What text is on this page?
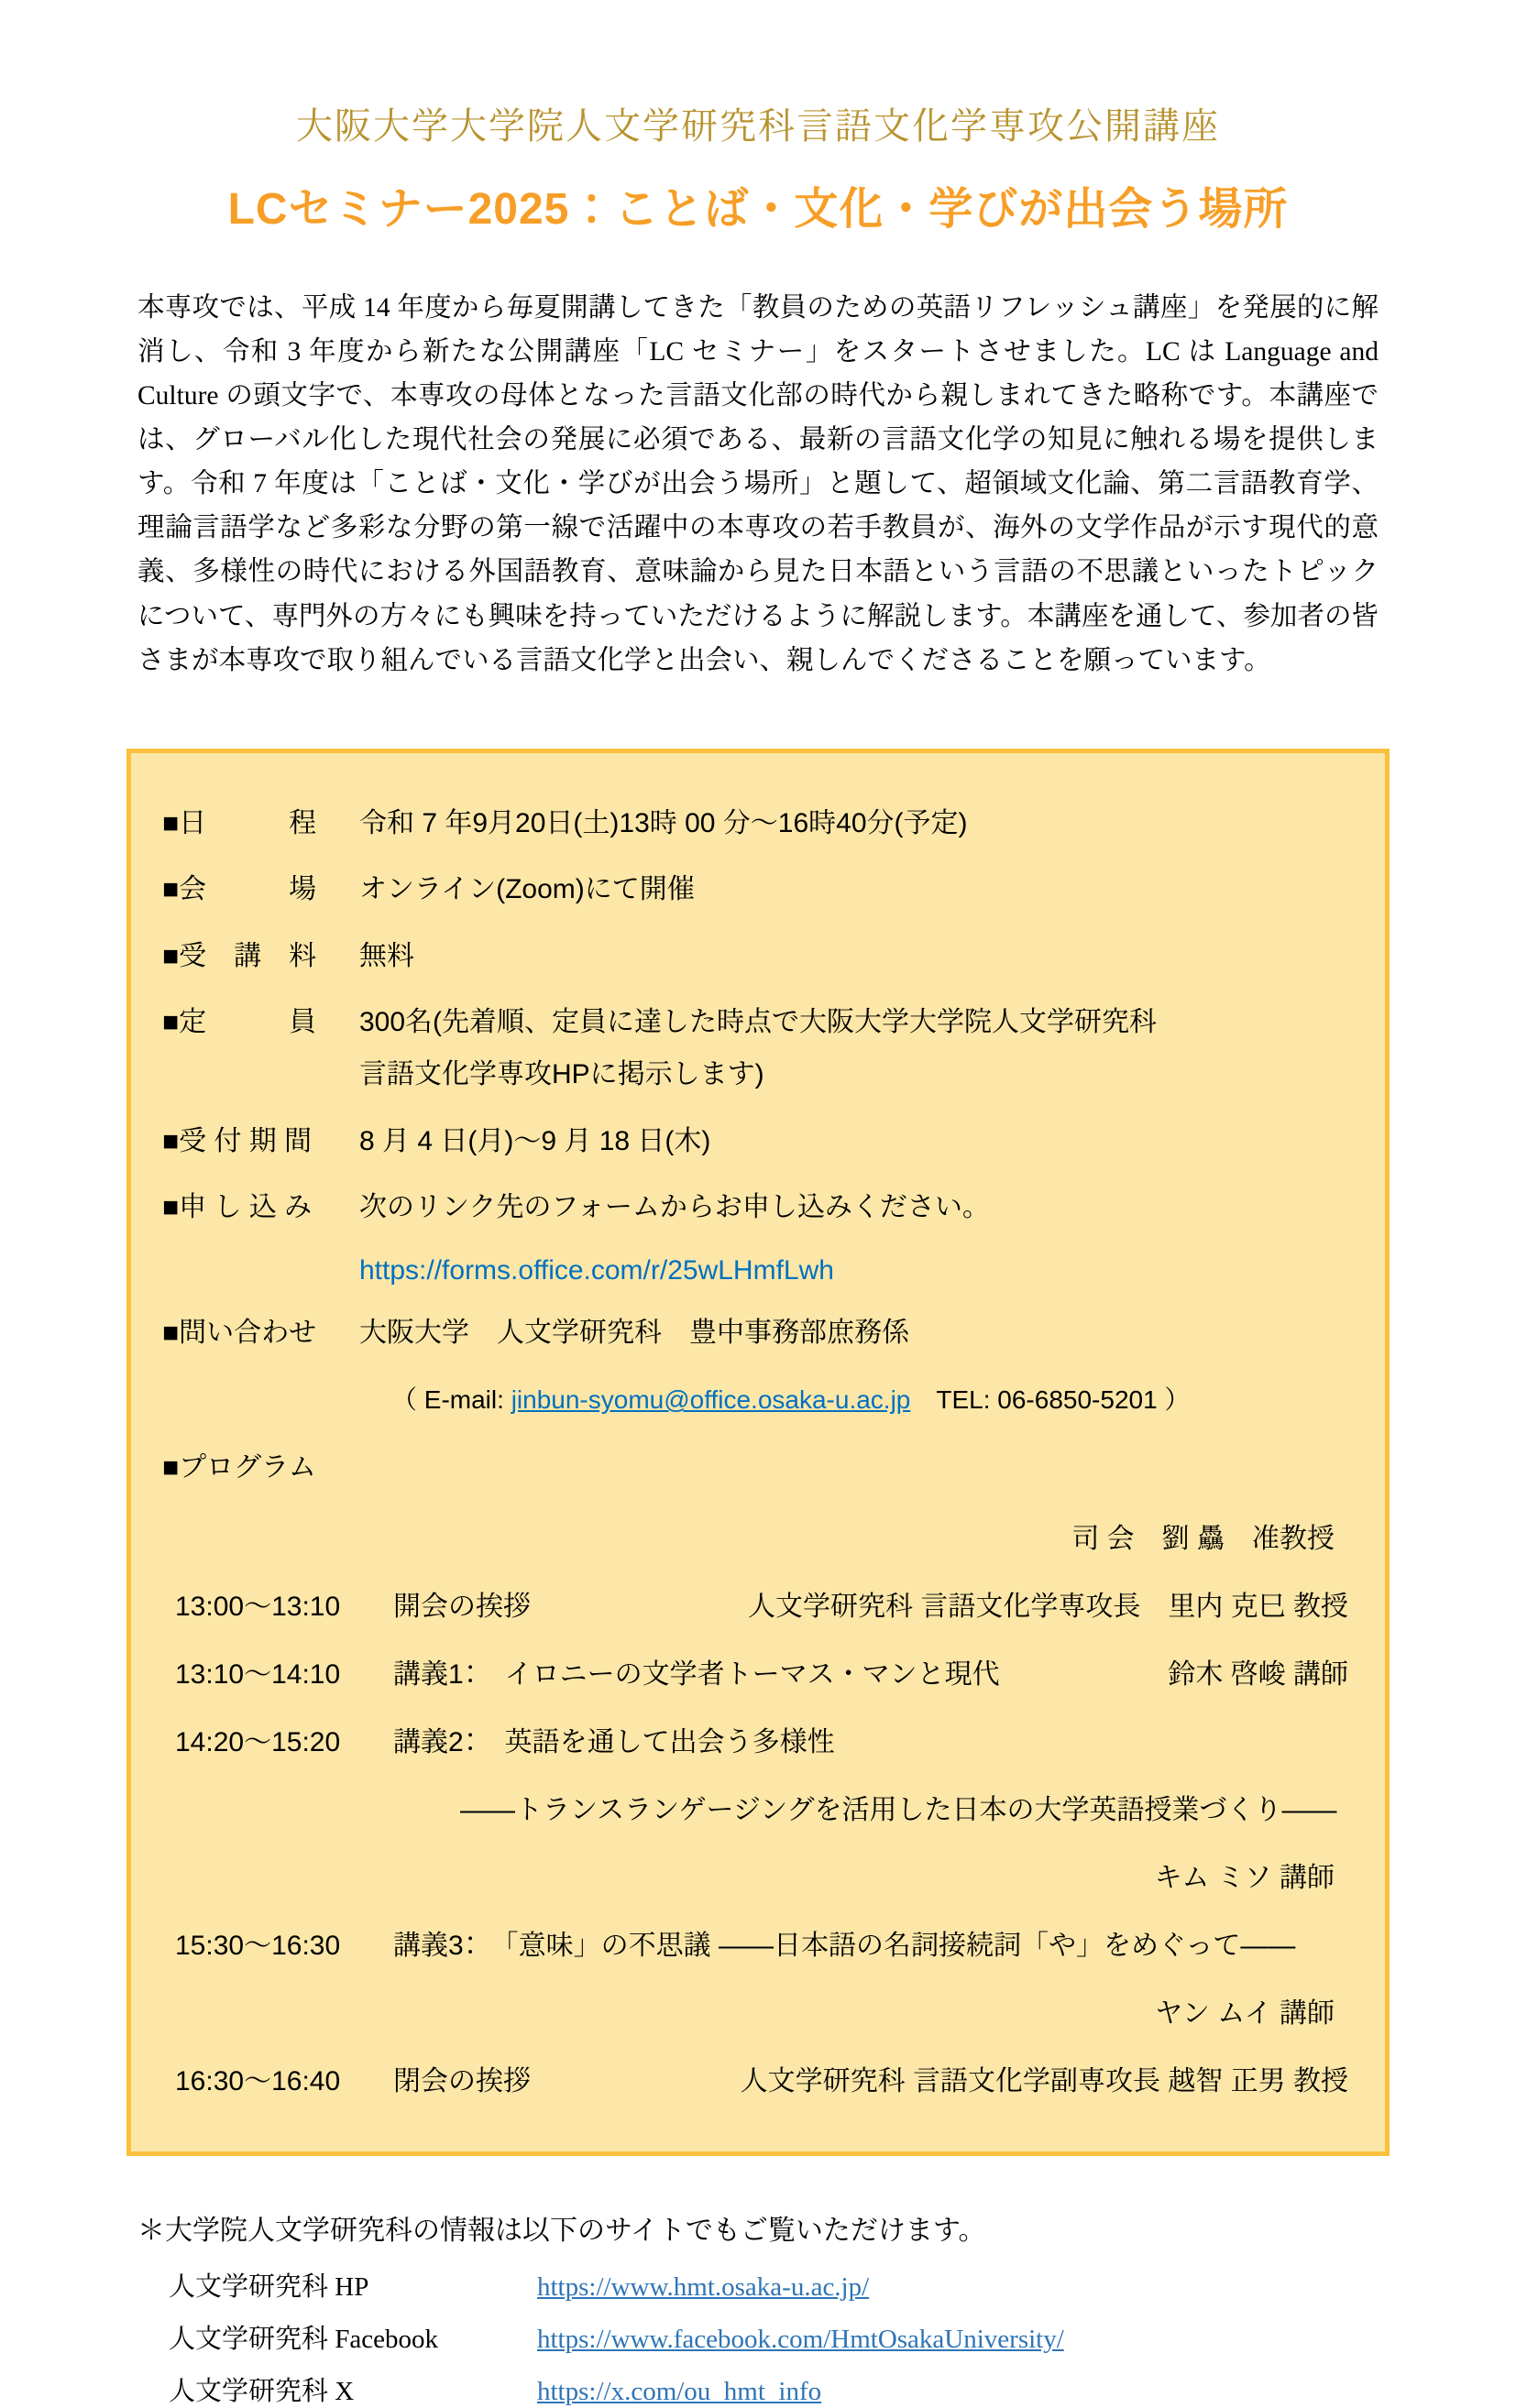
大阪大学大学院人文学研究科言語文化学専攻公開講座
LCセミナー2025：ことば・文化・学びが出会う場所

本専攻では、平成 14 年度から毎夏開講してきた「教員のための英語リフレッシュ講座」を発展的に解消し、令和 3 年度から新たな公開講座「LC セミナー」をスタートさせました。LC は Language and Culture の頭文字で、本専攻の母体となった言語文化部の時代から親しまれてきた略称です。本講座では、グローバル化した現代社会の発展に必須である、最新の言語文化学の知見に触れる場を提供します。令和 7 年度は「ことば・文化・学びが出会う場所」と題して、超領域文化論、第二言語教育学、理論言語学など多彩な分野の第一線で活躍中の本専攻の若手教員が、海外の文学作品が示す現代的意義、多様性の時代における外国語教育、意味論から見た日本語という言語の不思議といったトピックについて、専門外の方々にも興味を持っていただけるように解説します。本講座を通して、参加者の皆さまが本専攻で取り組んでいる言語文化学と出会い、親しんでくださることを願っています。

■日　　　程	令和 7 年9月20日(土)13時 00 分～16時40分(予定)
■会　　　場	オンライン(Zoom)にて開催
■受　講　料	無料
■定　　　員	300名(先着順、定員に達した時点で大阪大学大学院人文学研究科
言語文化学専攻HPに掲示します)
■受 付 期 間	8 月 4 日(月)～9 月 18 日(木)
■申 し 込 み	次のリンク先のフォームからお申し込みください。
https://forms.office.com/r/25wLHmfLwh
■問い合わせ	大阪大学　人文学研究科　豊中事務部庶務係
（ E-mail: jinbun-syomu@office.osaka-u.ac.jp　TEL: 06-6850-5201 ）
■プログラム
司 会　劉 驫　准教授
13:00～13:10	開会の挨拶	人文学研究科 言語文化学専攻長　里内 克巳 教授
13:10～14:10	講義1：　イロニーの文学者トーマス・マンと現代	鈴木 啓峻 講師
14:20～15:20	講義2：　英語を通して出会う多様性
――トランスランゲージングを活用した日本の大学英語授業づくり――
キム ミソ 講師
15:30～16:30	講義3：　「意味」の不思議 ――日本語の名詞接続詞「や」をめぐって――
ヤン ムイ 講師
16:30～16:40	閉会の挨拶	人文学研究科 言語文化学副専攻長 越智 正男 教授
＊大学院人文学研究科の情報は以下のサイトでもご覧いただけます。
人文学研究科 HP	https://www.hmt.osaka-u.ac.jp/
人文学研究科 Facebook	https://www.facebook.com/HmtOsakaUniversity/
人文学研究科 X	https://x.com/ou_hmt_info
